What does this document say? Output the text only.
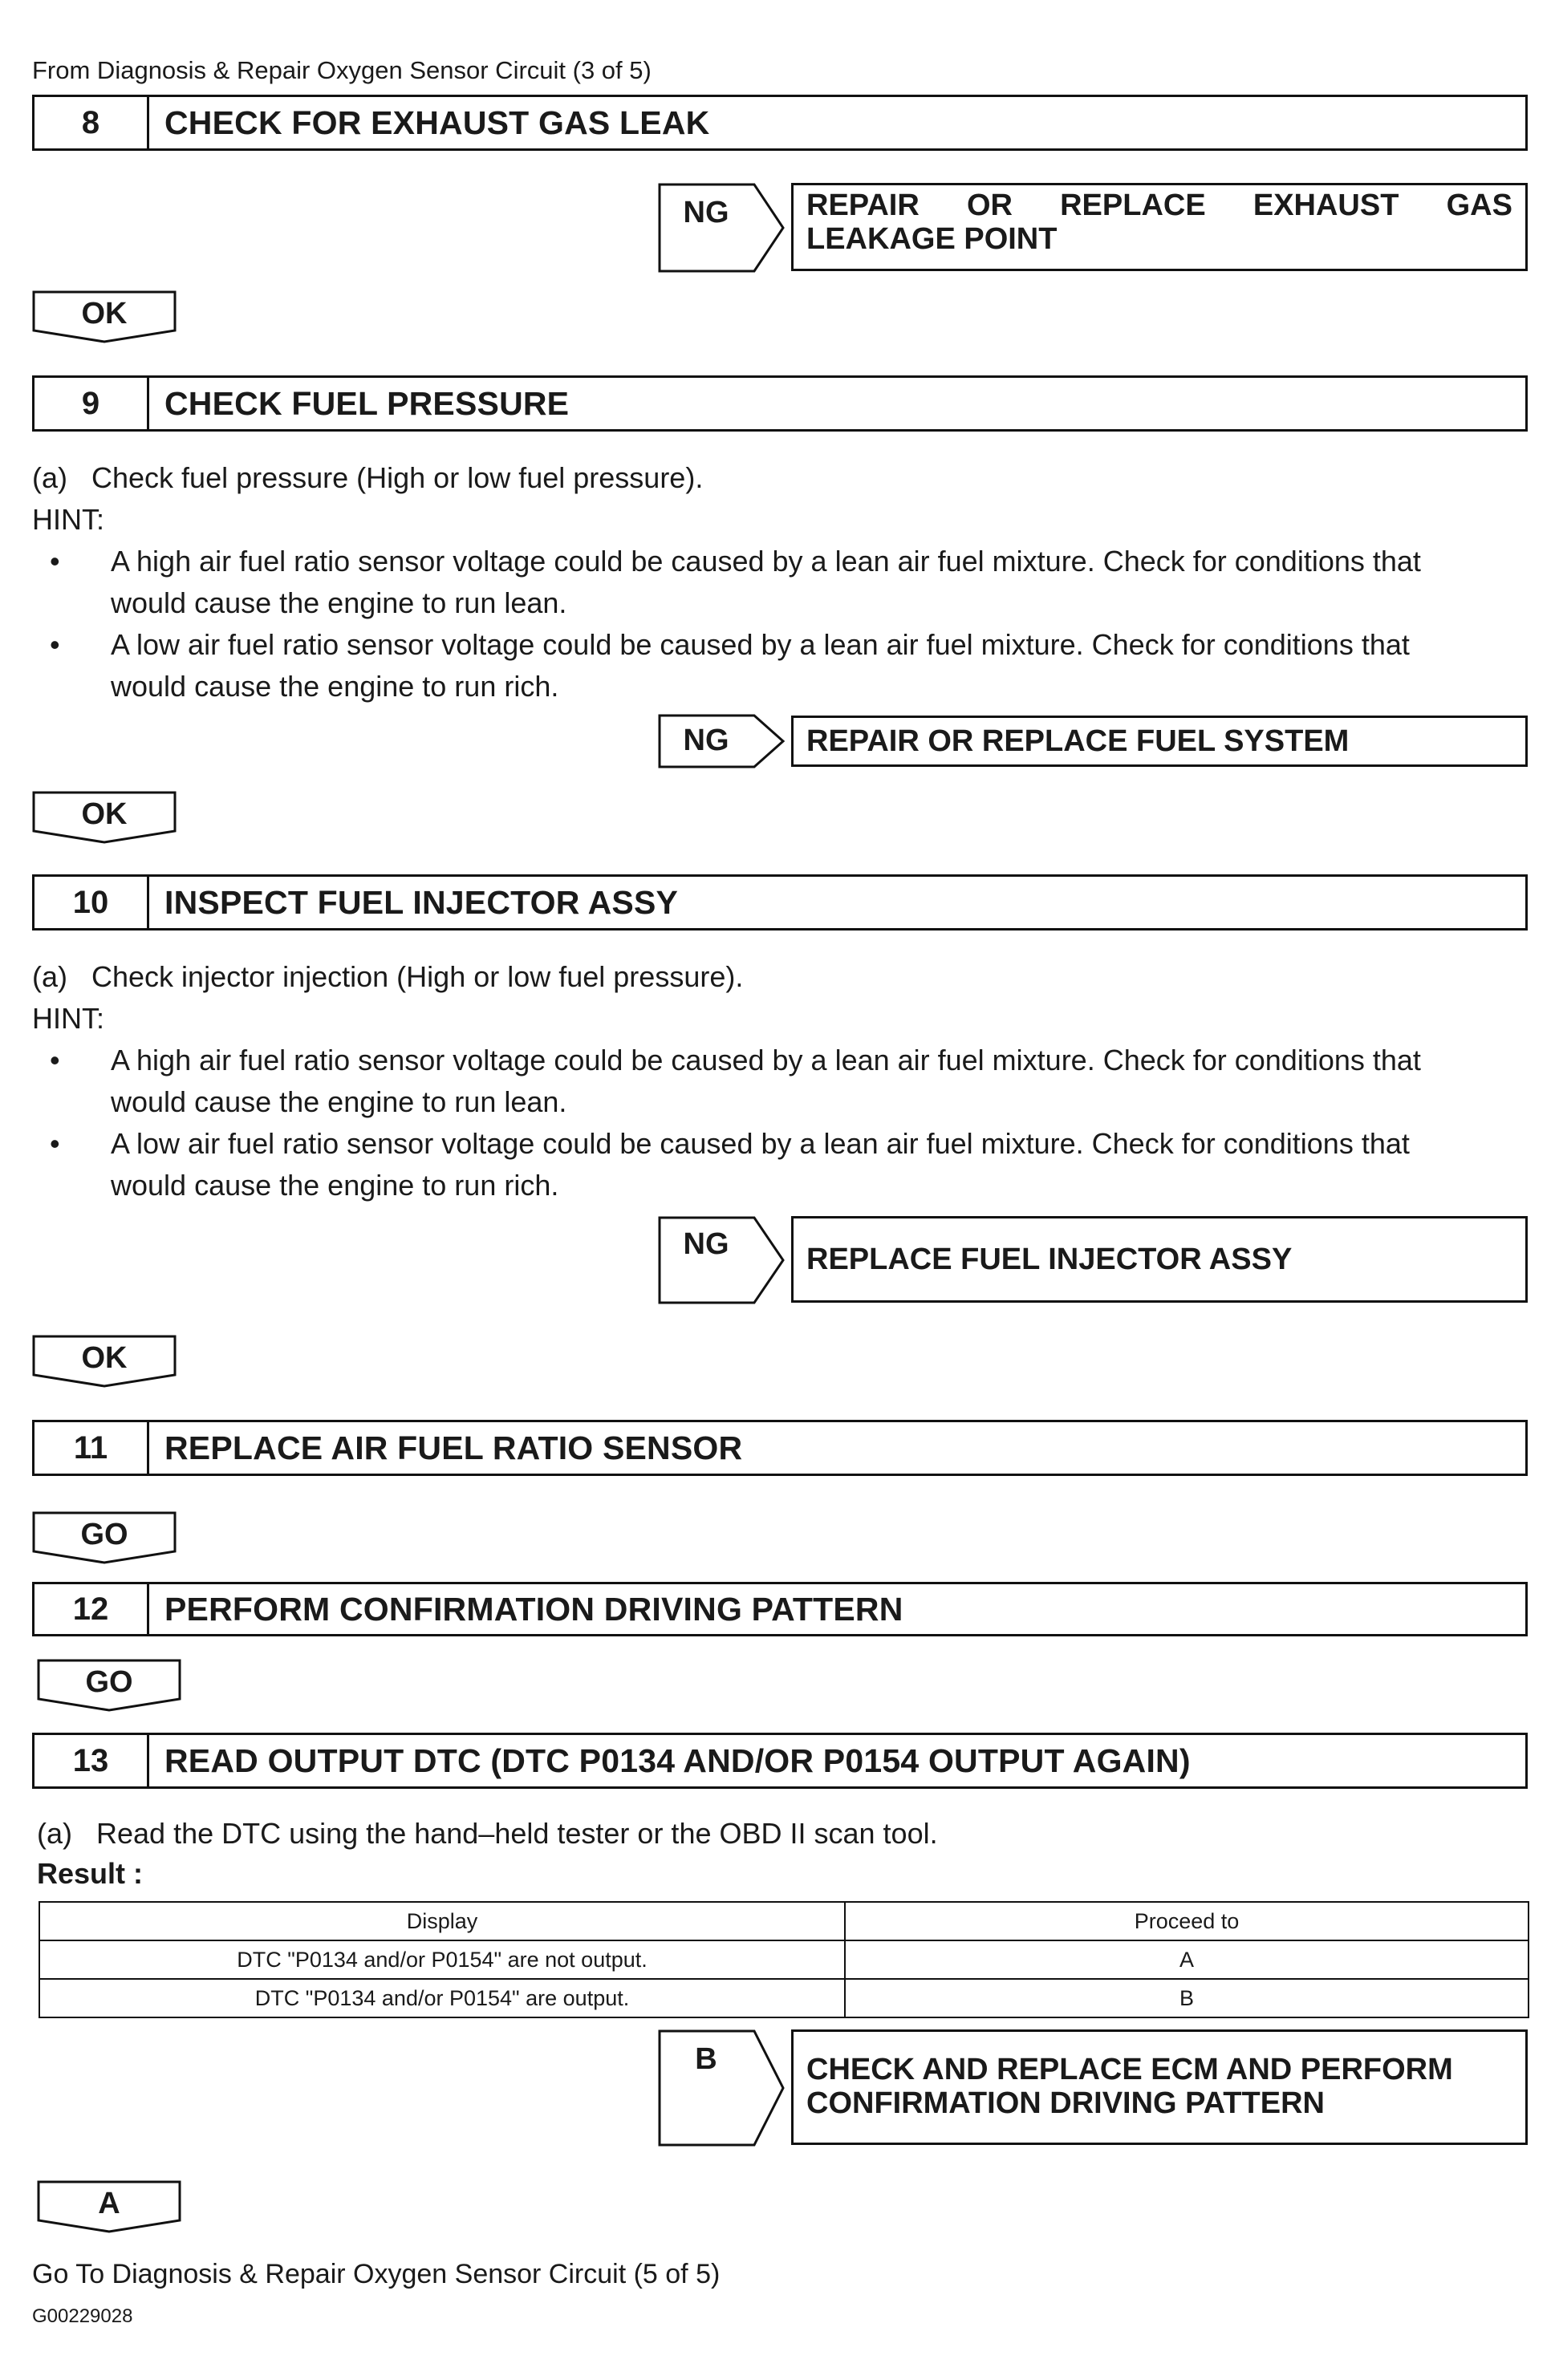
From Diagnosis & Repair Oxygen Sensor Circuit (3 of 5)
8	CHECK FOR EXHAUST GAS LEAK
NG	REPAIR OR REPLACE EXHAUST GAS
LEAKAGE POINT
OK
9	CHECK FUEL PRESSURE
(a)   Check fuel pressure (High or low fuel pressure).
HINT:
• A high air fuel ratio sensor voltage could be caused by a lean air fuel mixture. Check for conditions that
would cause the engine to run lean.
• A low air fuel ratio sensor voltage could be caused by a lean air fuel mixture. Check for conditions that
would cause the engine to run rich.
NG	REPAIR OR REPLACE FUEL SYSTEM
OK
10	INSPECT FUEL INJECTOR ASSY
(a)   Check injector injection (High or low fuel pressure).
HINT:
• A high air fuel ratio sensor voltage could be caused by a lean air fuel mixture. Check for conditions that
would cause the engine to run lean.
• A low air fuel ratio sensor voltage could be caused by a lean air fuel mixture. Check for conditions that
would cause the engine to run rich.
NG	REPLACE FUEL INJECTOR ASSY
OK
11	REPLACE AIR FUEL RATIO SENSOR
GO
12	PERFORM CONFIRMATION DRIVING PATTERN
GO
13	READ OUTPUT DTC (DTC P0134 AND/OR P0154 OUTPUT AGAIN)
(a)   Read the DTC using the hand–held tester or the OBD II scan tool.
Result :
Display	Proceed to
DTC "P0134 and/or P0154" are not output.	A
DTC "P0134 and/or P0154" are output.	B
B	CHECK AND REPLACE ECM AND PERFORM
CONFIRMATION DRIVING PATTERN
A
Go To Diagnosis & Repair Oxygen Sensor Circuit (5 of 5)
G00229028
